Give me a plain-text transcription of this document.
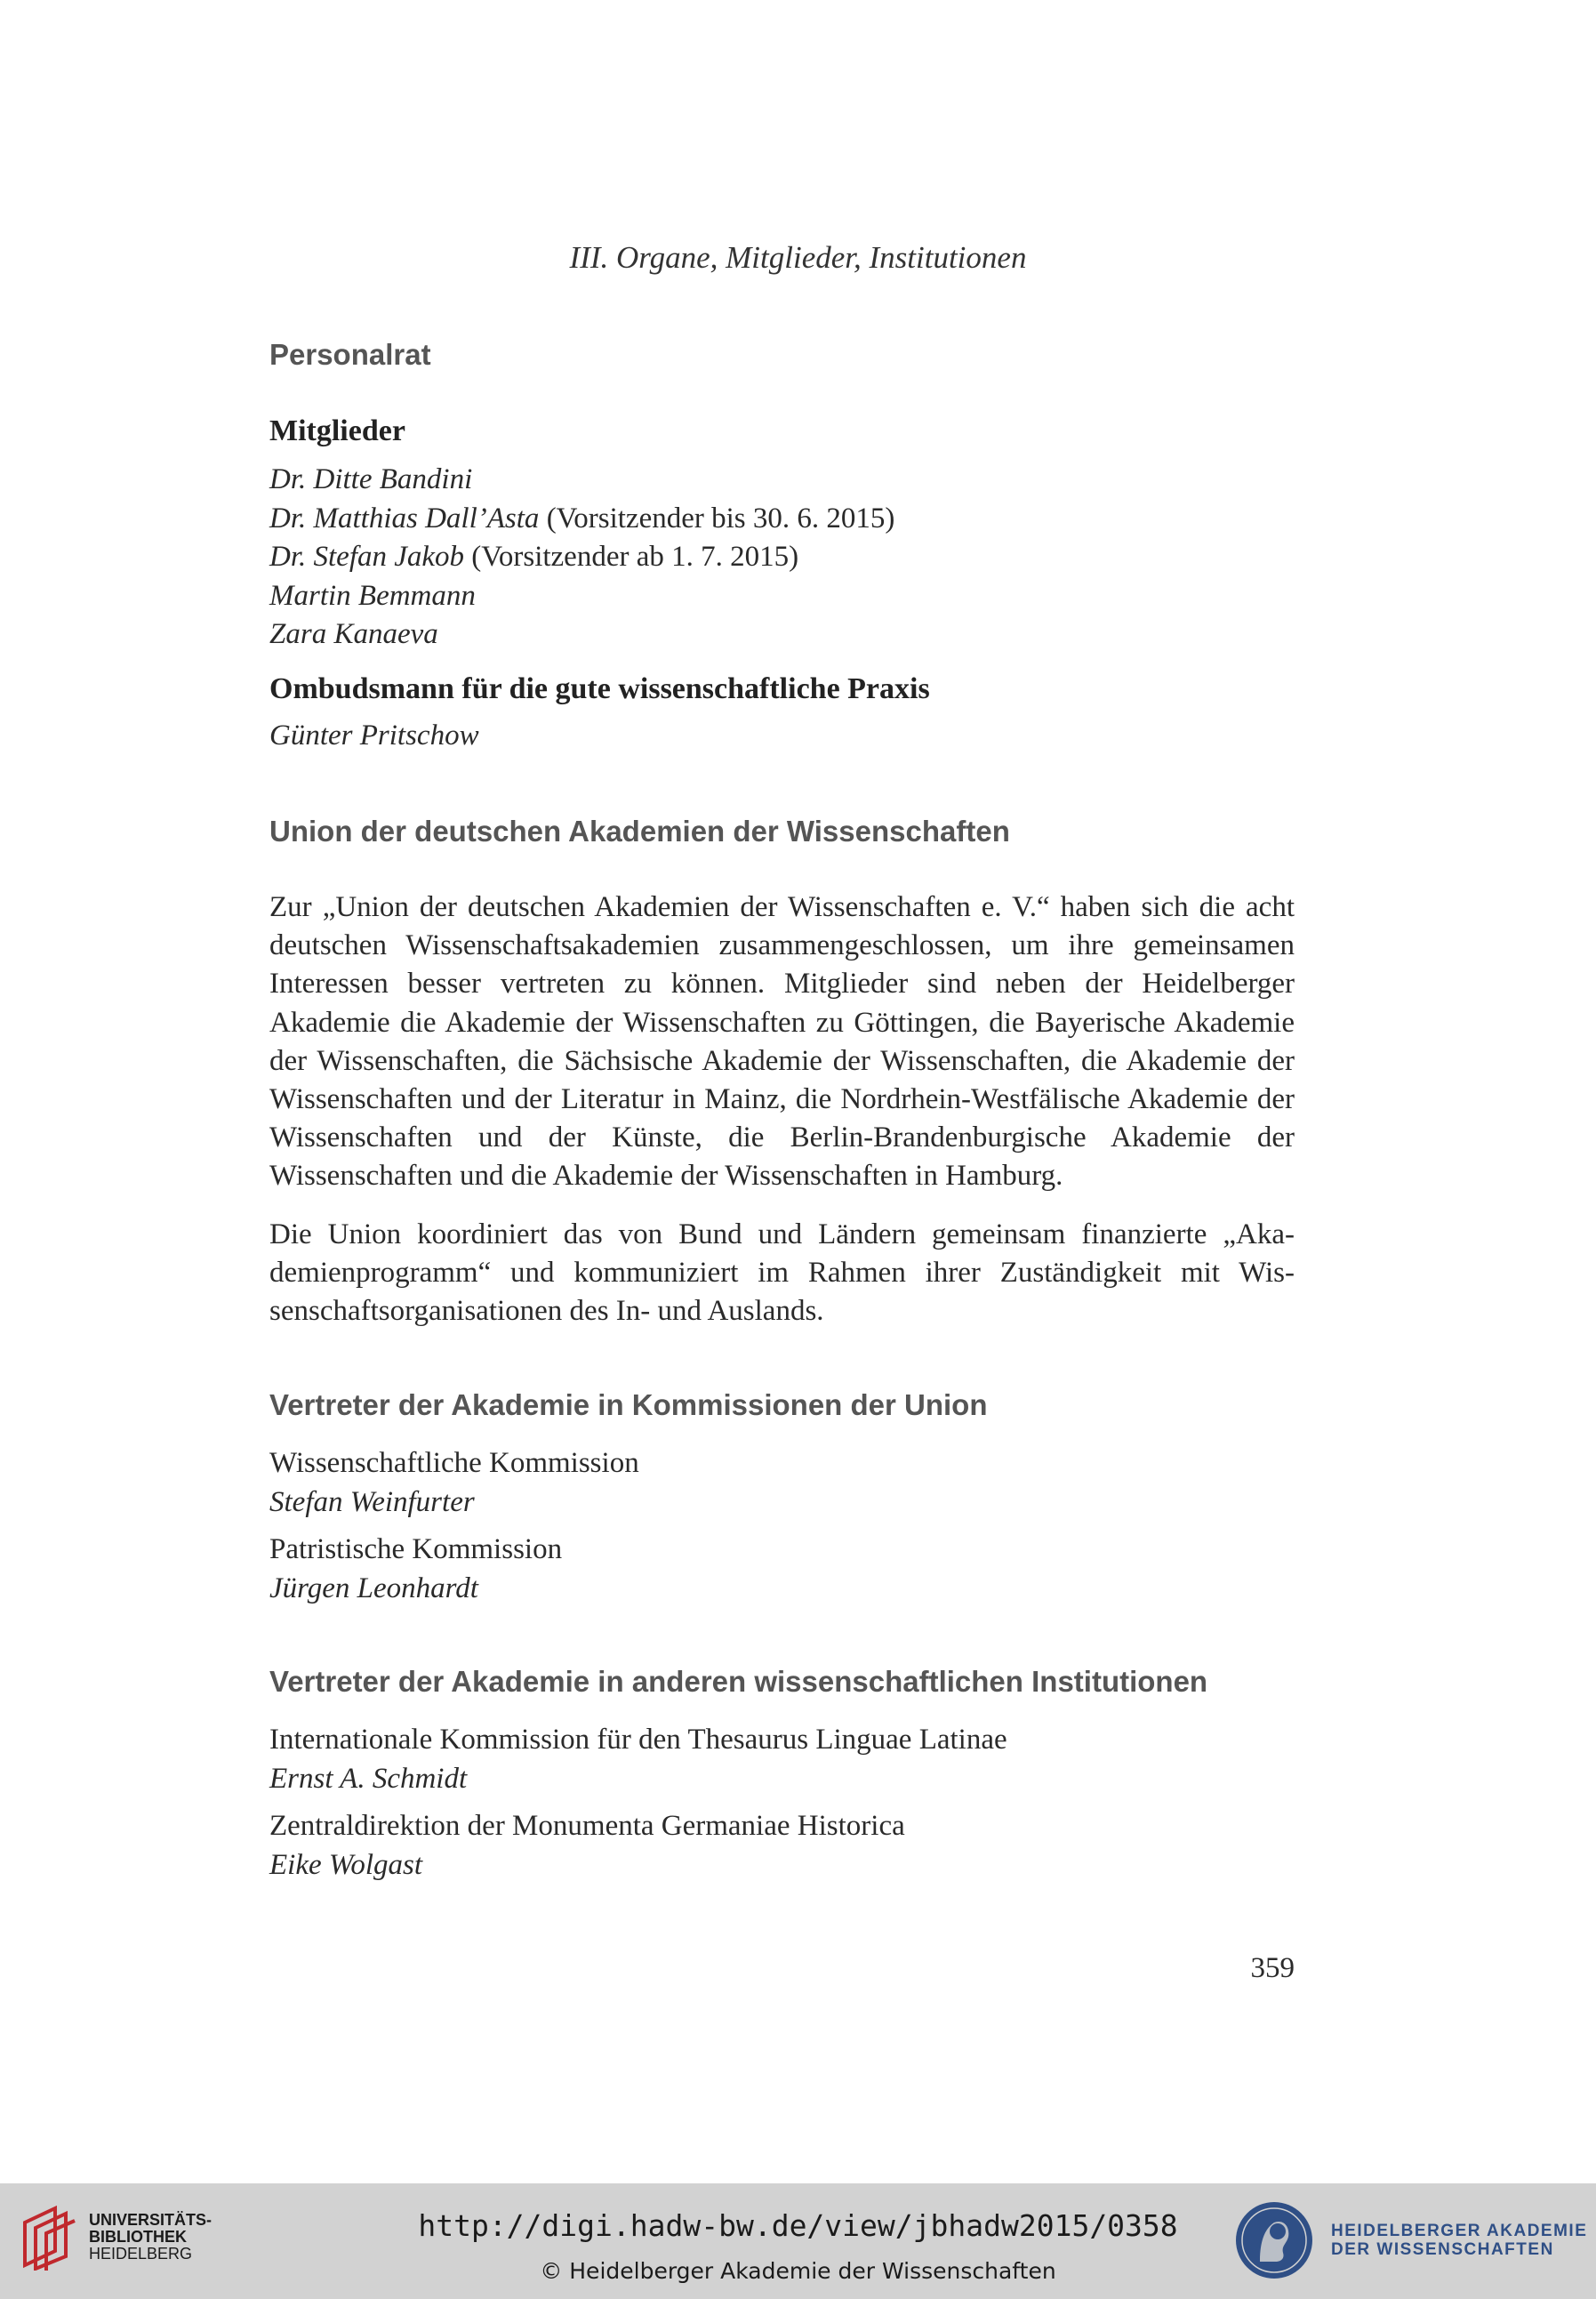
III. Organe, Mitglieder, Institutionen
Personalrat
Mitglieder
Dr. Ditte Bandini
Dr. Matthias Dall’Asta (Vorsitzender bis 30. 6. 2015)
Dr. Stefan Jakob (Vorsitzender ab 1. 7. 2015)
Martin Bemmann
Zara Kanaeva
Ombudsmann für die gute wissenschaftliche Praxis
Günter Pritschow
Union der deutschen Akademien der Wissenschaften
Zur „Union der deutschen Akademien der Wissenschaften e. V.“ haben sich die acht deutschen Wissenschaftsakademien zusammengeschlossen, um ihre gemeinsamen Interessen besser vertreten zu können. Mitglieder sind neben der Heidelberger Akademie die Akademie der Wissenschaften zu Göttingen, die Bayerische Akademie der Wissenschaften, die Sächsische Akademie der Wissenschaften, die Akademie der Wissenschaften und der Literatur in Mainz, die Nordrhein-Westfälische Akademie der Wissenschaften und der Künste, die Berlin-Brandenburgische Akademie der Wissenschaften und die Akademie der Wissenschaften in Hamburg.
Die Union koordiniert das von Bund und Ländern gemeinsam finanzierte „Akademienprogramm“ und kommuniziert im Rahmen ihrer Zuständigkeit mit Wissenschaftsorganisationen des In- und Auslands.
Vertreter der Akademie in Kommissionen der Union
Wissenschaftliche Kommission
Stefan Weinfurter
Patristische Kommission
Jürgen Leonhardt
Vertreter der Akademie in anderen wissenschaftlichen Institutionen
Internationale Kommission für den Thesaurus Linguae Latinae
Ernst A. Schmidt
Zentraldirektion der Monumenta Germaniae Historica
Eike Wolgast
359
UNIVERSITÄTS-
BIBLIOTHEK
HEIDELBERG
http://digi.hadw-bw.de/view/jbhadw2015/0358
© Heidelberger Akademie der Wissenschaften
HEIDELBERGER AKADEMIE
DER WISSENSCHAFTEN
